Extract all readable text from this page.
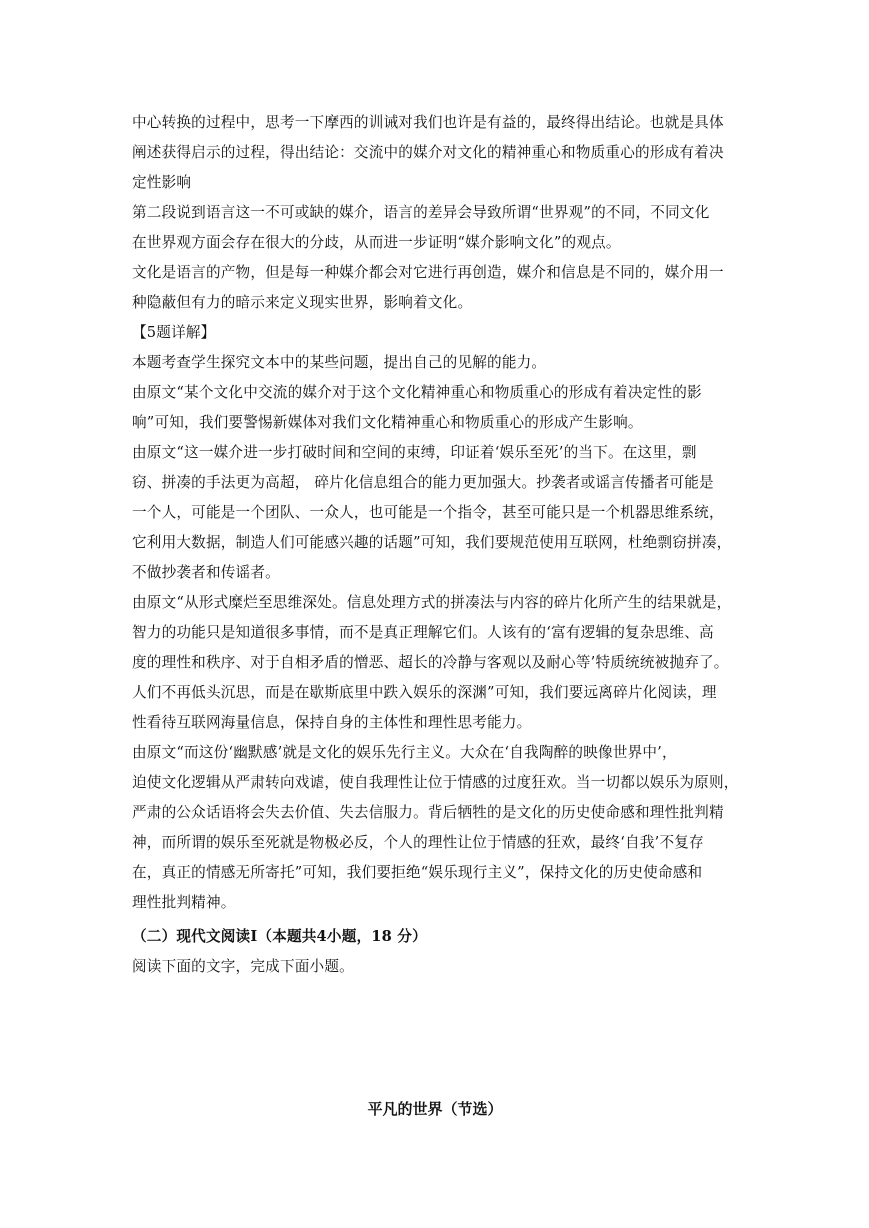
中心转换的过程中，思考一下摩西的训诫对我们也许是有益的，最终得出结论。也就是具体
阐述获得启示的过程，得出结论：交流中的媒介对文化的精神重心和物质重心的形成有着决
定性影响
第二段说到语言这一不可或缺的媒介，语言的差异会导致所谓“世界观”的不同，不同文化
在世界观方面会存在很大的分歧，从而进一步证明“媒介影响文化”的观点。
文化是语言的产物，但是每一种媒介都会对它进行再创造，媒介和信息是不同的，媒介用一
种隐蔽但有力的暗示来定义现实世界，影响着文化。
【5题详解】
本题考查学生探究文本中的某些问题，提出自己的见解的能力。
由原文“某个文化中交流的媒介对于这个文化精神重心和物质重心的形成有着决定性的影
响”可知，我们要警惕新媒体对我们文化精神重心和物质重心的形成产生影响。
由原文“这一媒介进一步打破时间和空间的束缚，印证着‘娱乐至死’的当下。在这里，剽
窃、拼凑的手法更为高超， 碎片化信息组合的能力更加强大。抄袭者或谣言传播者可能是
一个人，可能是一个团队、一众人，也可能是一个指令，甚至可能只是一个机器思维系统，
它利用大数据，制造人们可能感兴趣的话题”可知，我们要规范使用互联网，杜绝剽窃拼凑，
不做抄袭者和传谣者。
由原文“从形式糜烂至思维深处。信息处理方式的拼凑法与内容的碎片化所产生的结果就是，
智力的功能只是知道很多事情，而不是真正理解它们。人该有的‘富有逻辑的复杂思维、高
度的理性和秩序、对于自相矛盾的憎恶、超长的冷静与客观以及耐心等’特质统统被抛弃了。
人们不再低头沉思，而是在歇斯底里中跌入娱乐的深渊”可知，我们要远离碎片化阅读，理
性看待互联网海量信息，保持自身的主体性和理性思考能力。
由原文“而这份‘幽默感’就是文化的娱乐先行主义。大众在‘自我陶醉的映像世界中’，
迫使文化逻辑从严肃转向戏谑，使自我理性让位于情感的过度狂欢。当一切都以娱乐为原则，
严肃的公众话语将会失去价值、失去信服力。背后牺牲的是文化的历史使命感和理性批判精
神，而所谓的娱乐至死就是物极必反，个人的理性让位于情感的狂欢，最终‘自我’不复存
在，真正的情感无所寄托”可知，我们要拒绝“娱乐现行主义”，保持文化的历史使命感和
理性批判精神。
（二）现代文阅读Ⅰ（本题共4小题，18 分）
阅读下面的文字，完成下面小题。
平凡的世界（节选）
